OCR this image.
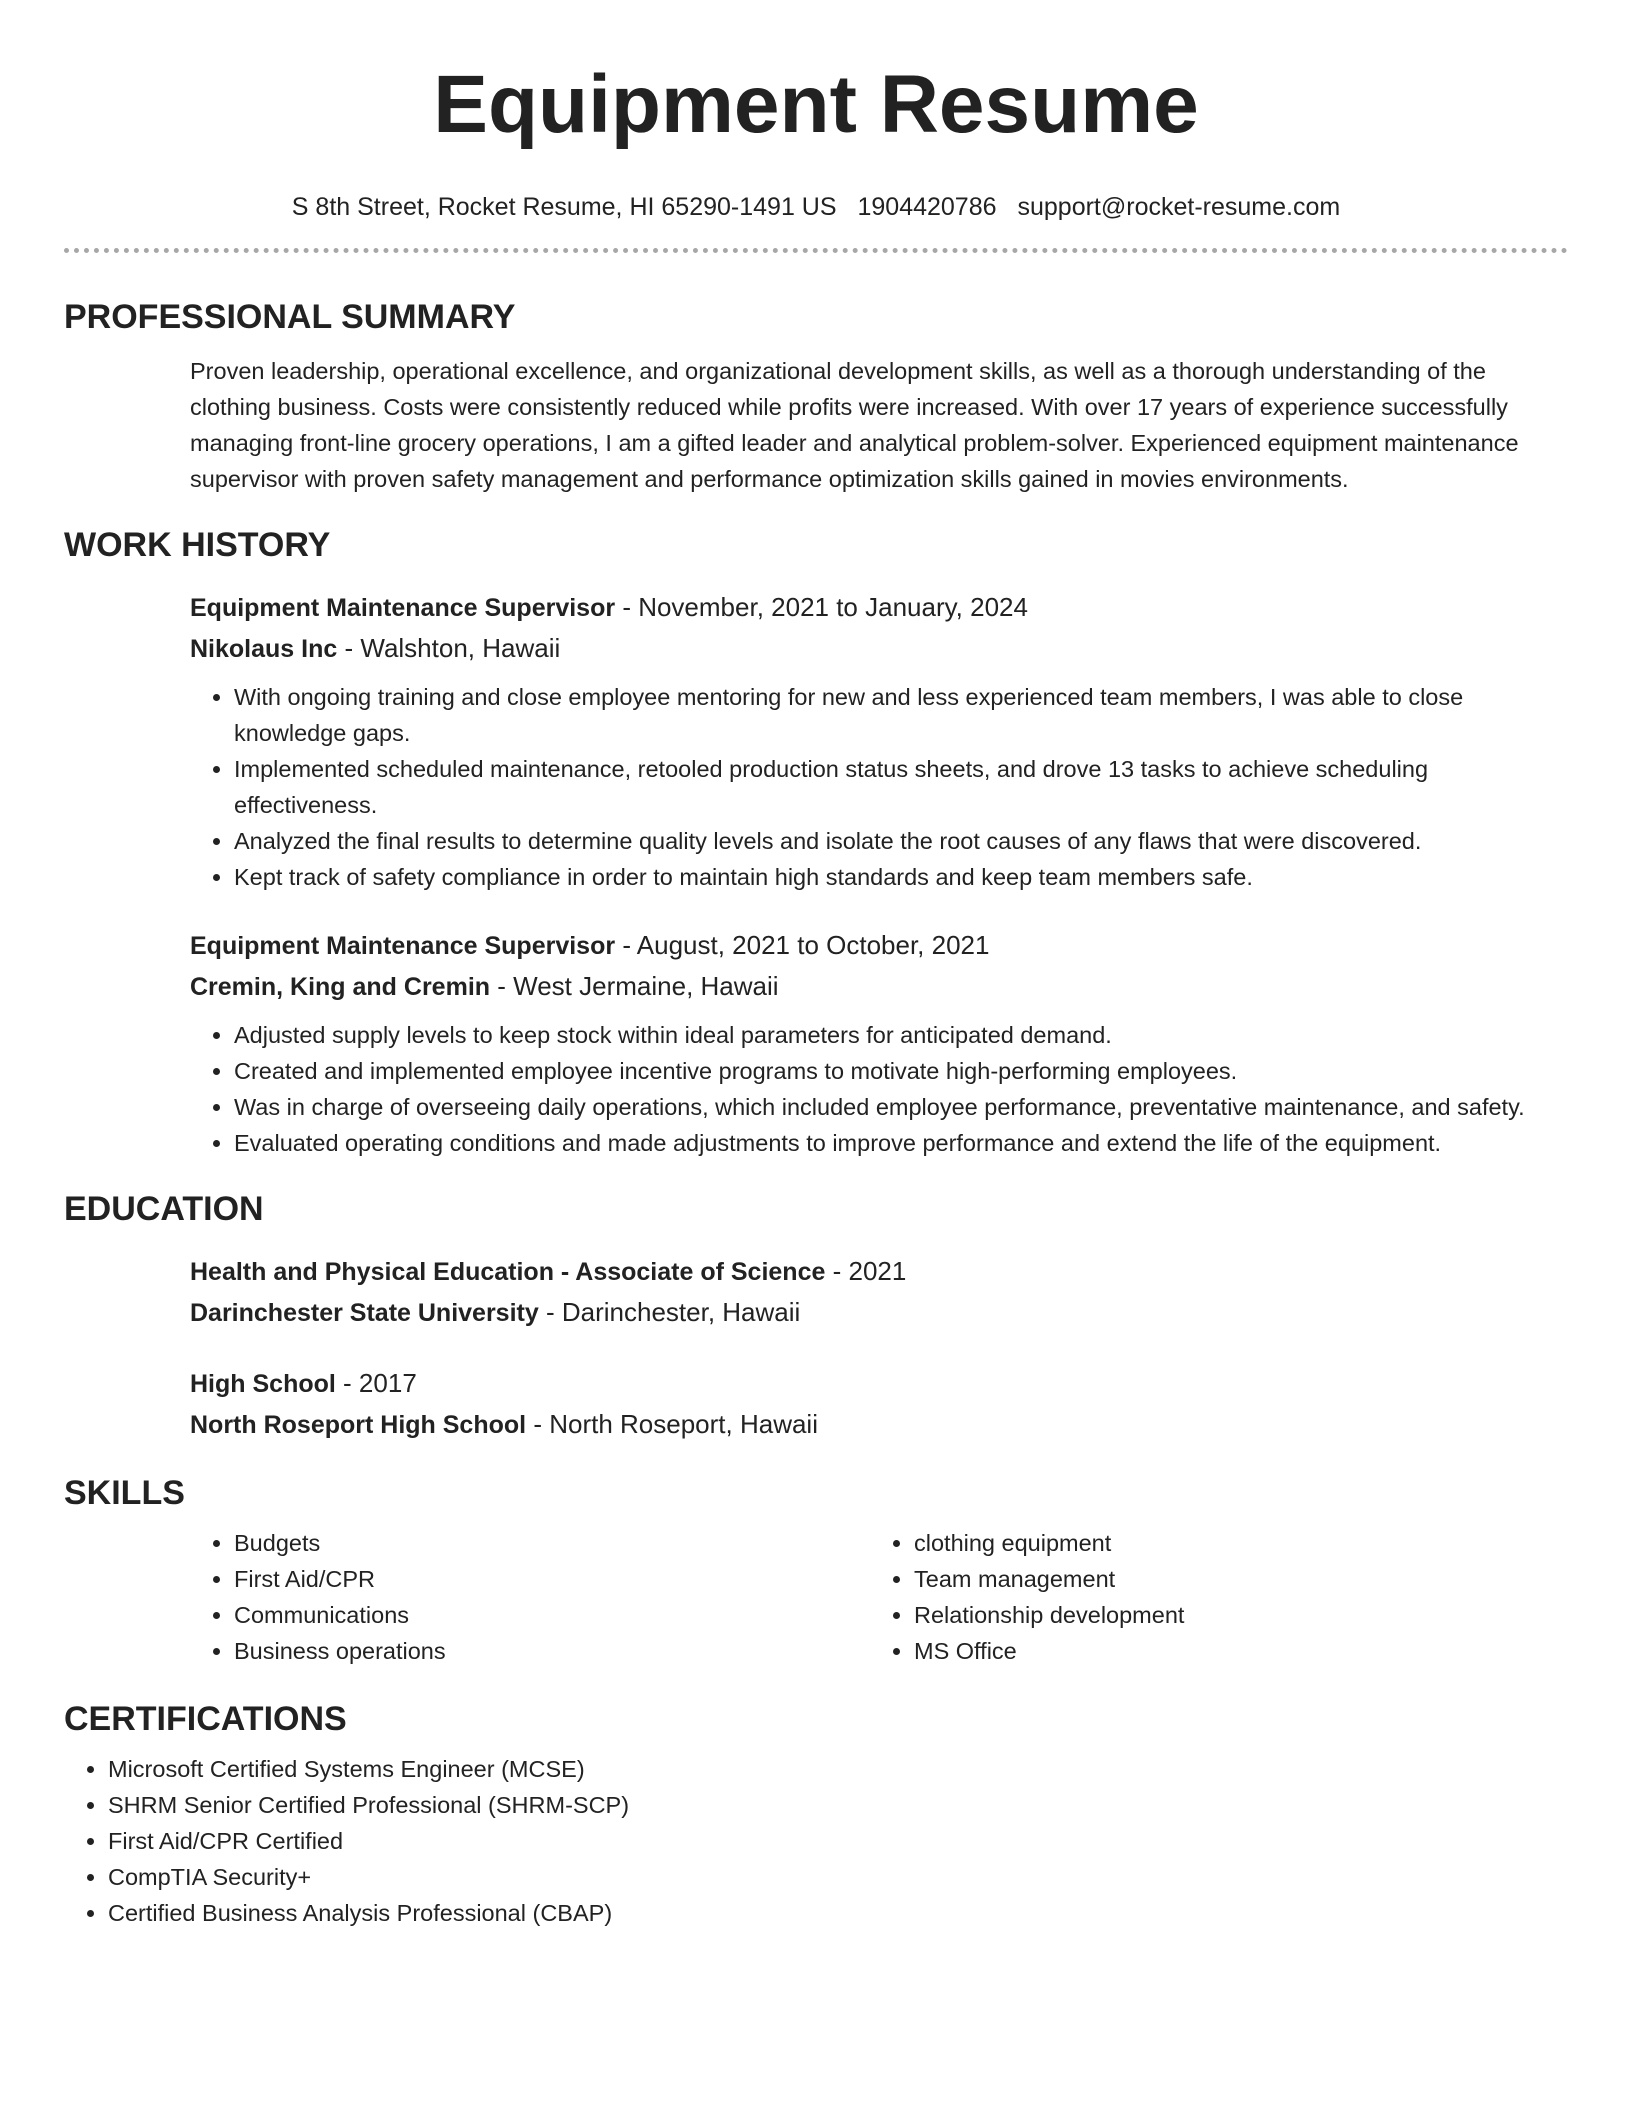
Equipment Resume
S 8th Street, Rocket Resume, HI 65290-1491 US 1904420786 support@rocket-resume.com
PROFESSIONAL SUMMARY
Proven leadership, operational excellence, and organizational development skills, as well as a thorough understanding of the clothing business. Costs were consistently reduced while profits were increased. With over 17 years of experience successfully managing front-line grocery operations, I am a gifted leader and analytical problem-solver. Experienced equipment maintenance supervisor with proven safety management and performance optimization skills gained in movies environments.
WORK HISTORY
Equipment Maintenance Supervisor - November, 2021 to January, 2024
Nikolaus Inc - Walshton, Hawaii
• With ongoing training and close employee mentoring for new and less experienced team members, I was able to close knowledge gaps.
• Implemented scheduled maintenance, retooled production status sheets, and drove 13 tasks to achieve scheduling effectiveness.
• Analyzed the final results to determine quality levels and isolate the root causes of any flaws that were discovered.
• Kept track of safety compliance in order to maintain high standards and keep team members safe.
Equipment Maintenance Supervisor - August, 2021 to October, 2021
Cremin, King and Cremin - West Jermaine, Hawaii
• Adjusted supply levels to keep stock within ideal parameters for anticipated demand.
• Created and implemented employee incentive programs to motivate high-performing employees.
• Was in charge of overseeing daily operations, which included employee performance, preventative maintenance, and safety.
• Evaluated operating conditions and made adjustments to improve performance and extend the life of the equipment.
EDUCATION
Health and Physical Education - Associate of Science - 2021
Darinchester State University - Darinchester, Hawaii
High School - 2017
North Roseport High School - North Roseport, Hawaii
SKILLS
• Budgets
• First Aid/CPR
• Communications
• Business operations
• clothing equipment
• Team management
• Relationship development
• MS Office
CERTIFICATIONS
• Microsoft Certified Systems Engineer (MCSE)
• SHRM Senior Certified Professional (SHRM-SCP)
• First Aid/CPR Certified
• CompTIA Security+
• Certified Business Analysis Professional (CBAP)
